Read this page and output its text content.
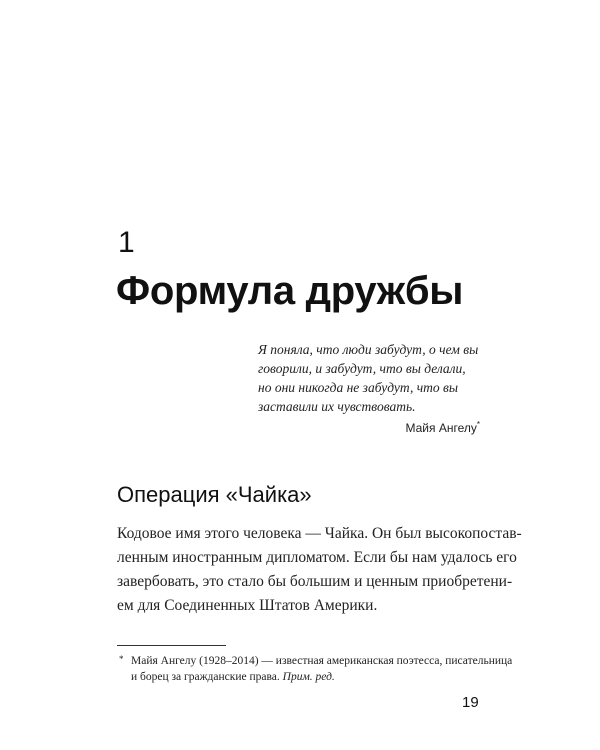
1
Формула дружбы
Я поняла, что люди забудут, о чем вы
говорили, и забудут, что вы делали,
но они никогда не забудут, что вы
заставили их чувствовать.
Майя Ангелу*
Операция «Чайка»
Кодовое имя этого человека — Чайка. Он был высокопостав-
ленным иностранным дипломатом. Если бы нам удалось его
завербовать, это стало бы большим и ценным приобретени-
ем для Соединенных Штатов Америки.
* Майя Ангелу (1928–2014) — известная американская поэтесса, писательница
и борец за гражданские права. Прим. ред.
19
